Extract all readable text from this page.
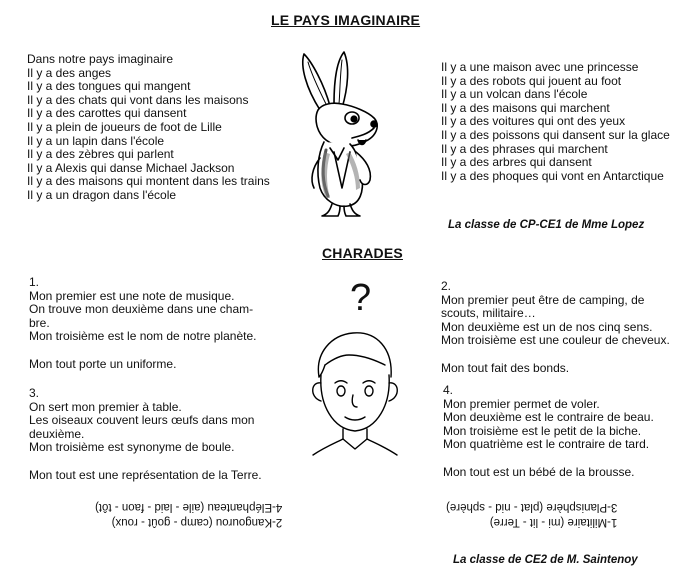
LE PAYS IMAGINAIRE
Dans notre pays imaginaire
Il y a des anges
Il y a des tongues qui mangent
Il y a des chats qui vont dans les maisons
Il y a des carottes qui dansent
Il y a plein de joueurs de foot de Lille
Il y a un lapin dans l'école
Il y a des zèbres qui parlent
Il y a Alexis qui danse Michael Jackson
Il y a des maisons qui montent dans les trains
Il y a un dragon dans l'école
Il y a une maison avec une princesse
Il y a des robots qui jouent au foot
Il y a un volcan dans l'école
Il y a des maisons qui marchent
Il y a des voitures qui ont des yeux
Il y a des poissons qui dansent sur la glace
Il y a des phrases qui marchent
Il y a des arbres qui dansent
Il y a des phoques qui vont en Antarctique
La classe de CP-CE1 de Mme Lopez
CHARADES
?
1.
Mon premier est une note de musique.
On trouve mon deuxième dans une cham-
bre.
Mon troisième est le nom de notre planète.
Mon tout porte un uniforme.
2.
Mon premier peut être de camping, de
scouts, militaire…
Mon deuxième est un de nos cinq sens.
Mon troisième est une couleur de cheveux.
Mon tout fait des bonds.
3.
On sert mon premier à table.
Les oiseaux couvent leurs œufs dans mon
deuxième.
Mon troisième est synonyme de boule.
Mon tout est une représentation de la Terre.
4.
Mon premier permet de voler.
Mon deuxième est le contraire de beau.
Mon troisième est le petit de la biche.
Mon quatrième est le contraire de tard.
Mon tout est un bébé de la brousse.
2-Kangourou (camp - goût - roux)
4-Eléphanteau (aile - laid - faon - tôt)
1-Militaire (mi - lit - Terre)
3-Planisphère (plat - nid - sphère)
La classe de CE2 de M. Saintenoy
